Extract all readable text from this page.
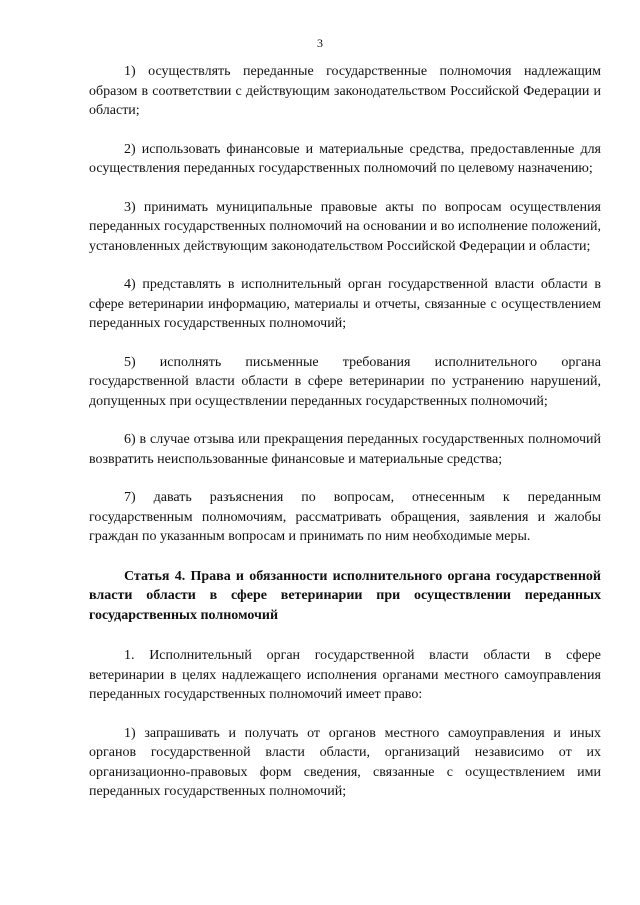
3

1) осуществлять переданные государственные полномочия надлежащим образом в соответствии с действующим законодательством Российской Федерации и области;

2) использовать финансовые и материальные средства, предоставленные для осуществления переданных государственных полномочий по целевому назначению;

3) принимать муниципальные правовые акты по вопросам осуществления переданных государственных полномочий на основании и во исполнение положений, установленных действующим законодательством Российской Федерации и области;

4) представлять в исполнительный орган государственной власти области в сфере ветеринарии информацию, материалы и отчеты, связанные с осуществлением переданных государственных полномочий;

5) исполнять письменные требования исполнительного органа государственной власти области в сфере ветеринарии по устранению нарушений, допущенных при осуществлении переданных государственных полномочий;

6) в случае отзыва или прекращения переданных государственных полномочий возвратить неиспользованные финансовые и материальные средства;

7) давать разъяснения по вопросам, отнесенным к переданным государственным полномочиям, рассматривать обращения, заявления и жалобы граждан по указанным вопросам и принимать по ним необходимые меры.

Статья 4. Права и обязанности исполнительного органа государственной власти области в сфере ветеринарии при осуществлении переданных государственных полномочий

1. Исполнительный орган государственной власти области в сфере ветеринарии в целях надлежащего исполнения органами местного самоуправления переданных государственных полномочий имеет право:

1) запрашивать и получать от органов местного самоуправления и иных органов государственной власти области, организаций независимо от их организационно-правовых форм сведения, связанные с осуществлением ими переданных государственных полномочий;
